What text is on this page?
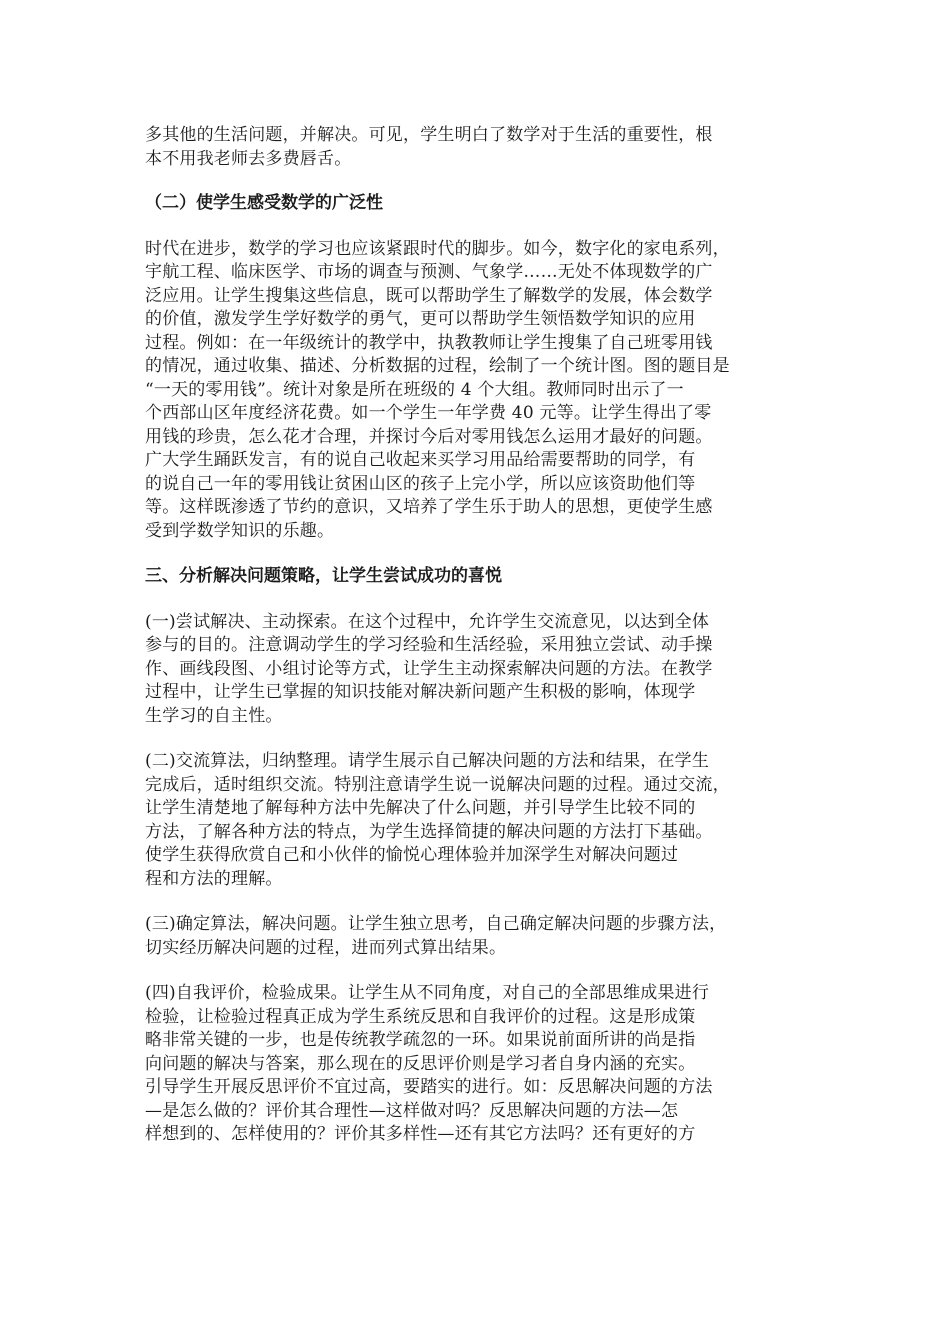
多其他的生活问题，并解决。可见，学生明白了数学对于生活的重要性，根
本不用我老师去多费唇舌。
（二）使学生感受数学的广泛性
时代在进步，数学的学习也应该紧跟时代的脚步。如今，数字化的家电系列，
宇航工程、临床医学、市场的调查与预测、气象学……无处不体现数学的广
泛应用。让学生搜集这些信息，既可以帮助学生了解数学的发展，体会数学
的价值，激发学生学好数学的勇气，更可以帮助学生领悟数学知识的应用
过程。例如：在一年级统计的教学中，执教教师让学生搜集了自己班零用钱
的情况，通过收集、描述、分析数据的过程，绘制了一个统计图。图的题目是
“一天的零用钱”。统计对象是所在班级的 4 个大组。教师同时出示了一
个西部山区年度经济花费。如一个学生一年学费 40 元等。让学生得出了零
用钱的珍贵，怎么花才合理，并探讨今后对零用钱怎么运用才最好的问题。
广大学生踊跃发言，有的说自己收起来买学习用品给需要帮助的同学，有
的说自己一年的零用钱让贫困山区的孩子上完小学，所以应该资助他们等
等。这样既渗透了节约的意识，又培养了学生乐于助人的思想，更使学生感
受到学数学知识的乐趣。
三、分析解决问题策略，让学生尝试成功的喜悦
(一)尝试解决、主动探索。在这个过程中，允许学生交流意见，以达到全体
参与的目的。注意调动学生的学习经验和生活经验，采用独立尝试、动手操
作、画线段图、小组讨论等方式，让学生主动探索解决问题的方法。在教学
过程中，让学生已掌握的知识技能对解决新问题产生积极的影响，体现学
生学习的自主性。
(二)交流算法，归纳整理。请学生展示自己解决问题的方法和结果，在学生
完成后，适时组织交流。特别注意请学生说一说解决问题的过程。通过交流，
让学生清楚地了解每种方法中先解决了什么问题，并引导学生比较不同的
方法，了解各种方法的特点，为学生选择简捷的解决问题的方法打下基础。
使学生获得欣赏自己和小伙伴的愉悦心理体验并加深学生对解决问题过
程和方法的理解。
(三)确定算法，解决问题。让学生独立思考，自己确定解决问题的步骤方法，
切实经历解决问题的过程，进而列式算出结果。
(四)自我评价，检验成果。让学生从不同角度，对自己的全部思维成果进行
检验，让检验过程真正成为学生系统反思和自我评价的过程。这是形成策
略非常关键的一步，也是传统教学疏忽的一环。如果说前面所讲的尚是指
向问题的解决与答案，那么现在的反思评价则是学习者自身内涵的充实。
引导学生开展反思评价不宜过高，要踏实的进行。如：反思解决问题的方法
—是怎么做的？评价其合理性—这样做对吗？反思解决问题的方法—怎
样想到的、怎样使用的？评价其多样性—还有其它方法吗？还有更好的方
